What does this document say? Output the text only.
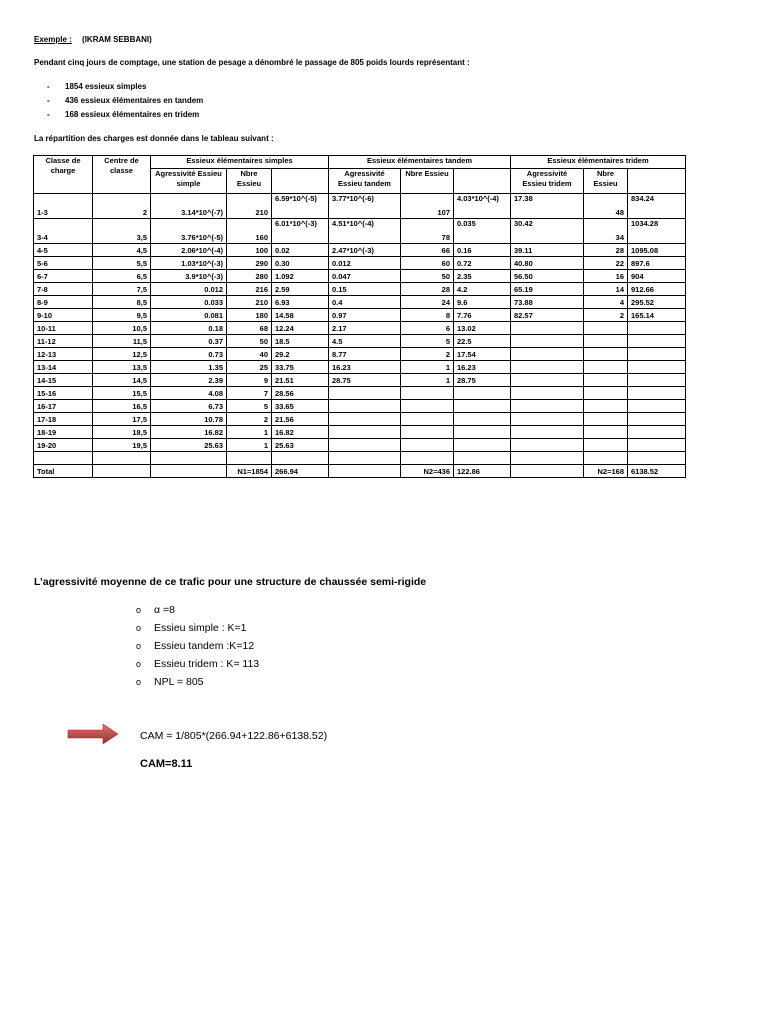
Exemple : (IKRAM SEBBANI)
Pendant cinq jours de comptage, une station de pesage a dénombré le passage de 805 poids lourds représentant :
- 1854 essieux simples
- 436 essieux élémentaires en tandem
- 168 essieux élémentaires en tridem
La répartition des charges est donnée dans le tableau suivant :
Classe de charge	Centre de classe	Essieux élémentaires simples			Essieux élémentaires tandem			Essieux élémentaires tridem		
		Agressivité Essieu simple	Nbre Essieu		Agressivité Essieu tandem	Nbre Essieu		Agressivité Essieu tridem	Nbre Essieu	
1-3	2	3.14*10^(-7)	210	6.59*10^(-5)	3.77*10^(-6)	107	4.03*10^(-4)	17.38	48	834.24
3-4	3,5	3.76*10^(-5)	160	6.01*10^(-3)	4.51*10^(-4)	78	0.035	30.42	34	1034.28
4-5	4,5	2.06*10^(-4)	100	0.02	2.47*10^(-3)	66	0.16	39.11	28	1095.08
5-6	5,5	1.03*10^(-3)	290	0.30	0.012	60	0.72	40.80	22	897.6
6-7	6,5	3.9*10^(-3)	280	1.092	0.047	50	2.35	56.50	16	904
7-8	7,5	0.012	216	2.59	0.15	28	4.2	65.19	14	912.66
8-9	8,5	0.033	210	6.93	0.4	24	9.6	73.88	4	295.52
9-10	9,5	0.081	180	14.58	0.97	8	7.76	82.57	2	165.14
10-11	10,5	0.18	68	12.24	2.17	6	13.02			
11-12	11,5	0.37	50	18.5	4.5	5	22.5			
12-13	12,5	0.73	40	29.2	8.77	2	17.54			
13-14	13,5	1.35	25	33.75	16.23	1	16.23			
14-15	14,5	2.39	9	21.51	28.75	1	28.75			
15-16	15,5	4.08	7	28.56						
16-17	16,5	6.73	5	33.65						
17-18	17,5	10.78	2	21.56						
18-19	18,5	16.82	1	16.82						
19-20	19,5	25.63	1	25.63						

Total			N1=1854	266.94		N2=436	122.86		N2=168	6138.52
L’agressivité moyenne de ce trafic pour une structure de chaussée semi-rigide
o α =8
o Essieu simple : K=1
o Essieu tandem :K=12
o Essieu tridem : K= 113
o NPL = 805
CAM = 1/805*(266.94+122.86+6138.52)
CAM=8.11
